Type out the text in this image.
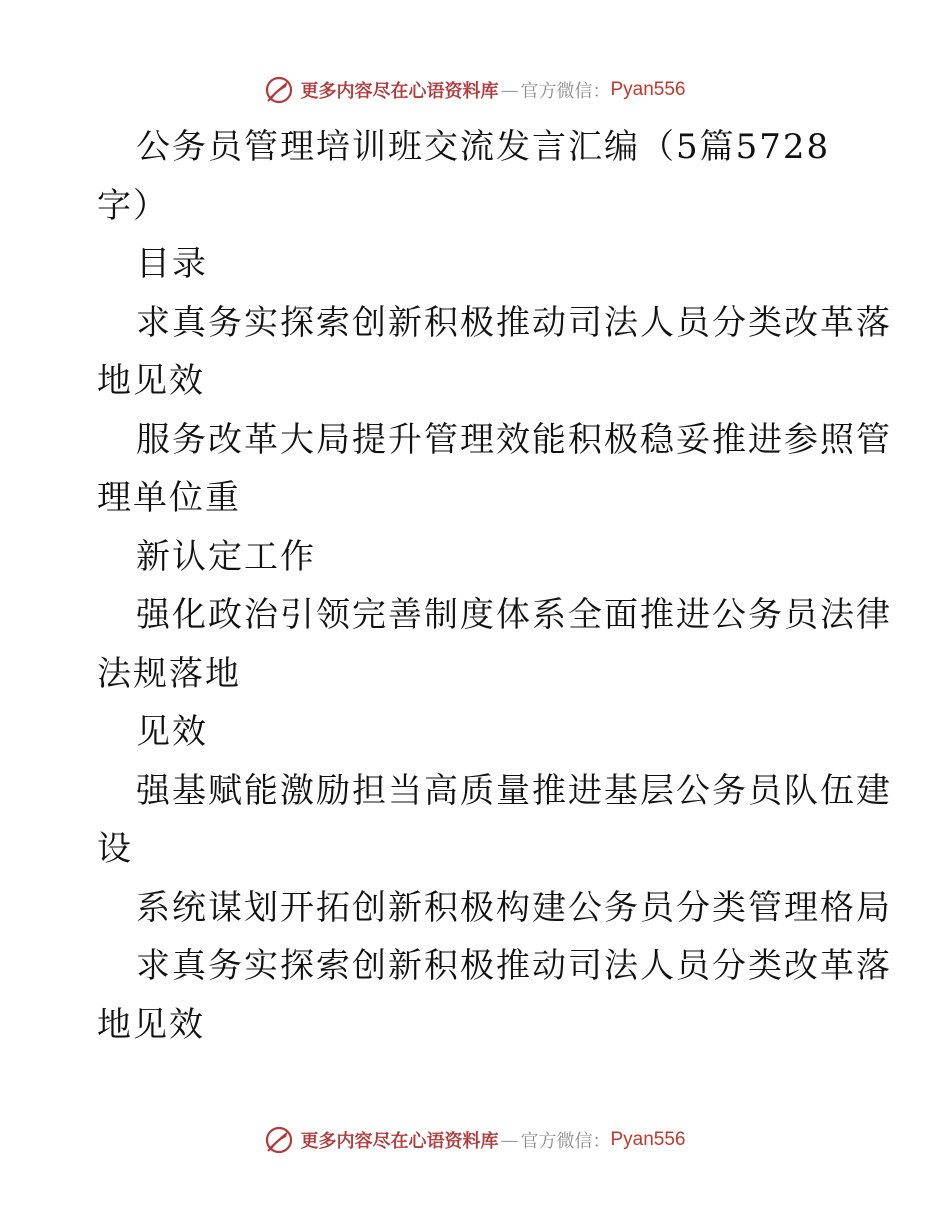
更多内容尽在心语资料库 — 官方微信： Pyan556
公务员管理培训班交流发言汇编（5篇5728
字）
目录
求真务实探索创新积极推动司法人员分类改革落
地见效
服务改革大局提升管理效能积极稳妥推进参照管
理单位重
新认定工作
强化政治引领完善制度体系全面推进公务员法律
法规落地
见效
强基赋能激励担当高质量推进基层公务员队伍建
设
系统谋划开拓创新积极构建公务员分类管理格局
求真务实探索创新积极推动司法人员分类改革落
地见效
更多内容尽在心语资料库 — 官方微信： Pyan556
